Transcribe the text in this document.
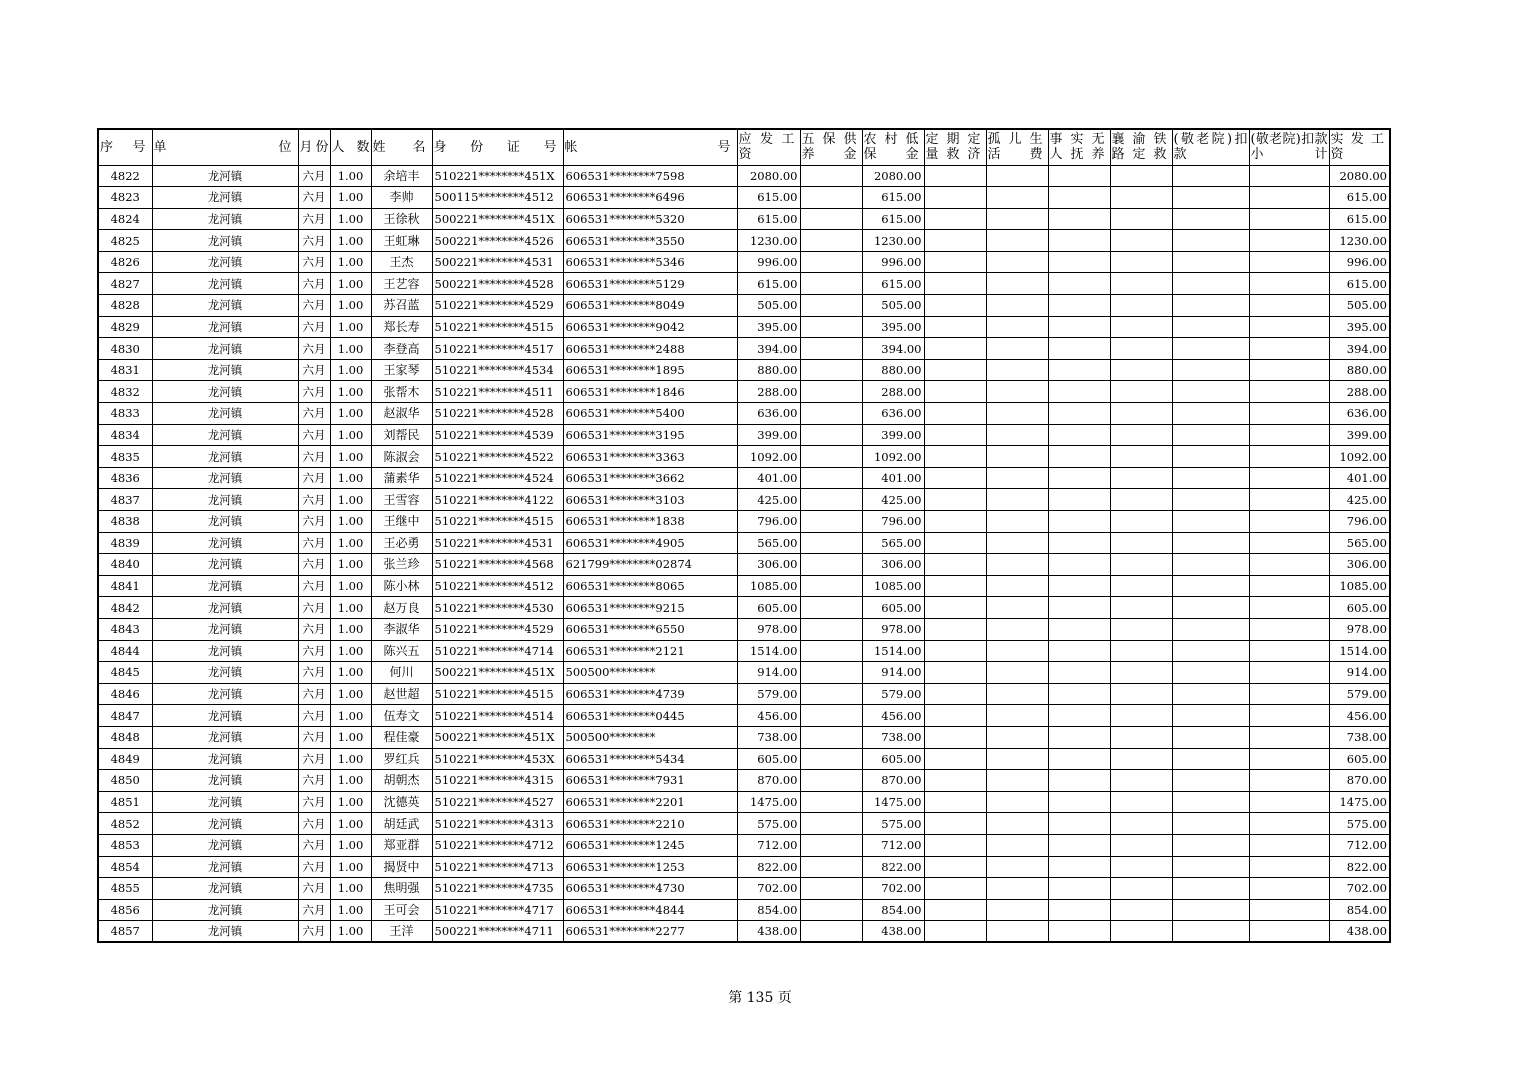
序 号	单 位	月份	人数	姓 名	身 份 证 号	帐 号	应发工资	五保供养金	农村低保金	定期定量救济	孤儿生活费	事实无人抚养	襄渝铁路定救	(敬老院)扣款	(敬老院)扣款小计	实发工资
4822	龙河镇	六月	1.00	余培丰	510221********451X	606531********7598	2080.00		2080.00							2080.00
4823	龙河镇	六月	1.00	李帅	500115********4512	606531********6496	615.00		615.00							615.00
4824	龙河镇	六月	1.00	王徐秋	500221********451X	606531********5320	615.00		615.00							615.00
4825	龙河镇	六月	1.00	王虹琳	500221********4526	606531********3550	1230.00		1230.00							1230.00
4826	龙河镇	六月	1.00	王杰	500221********4531	606531********5346	996.00		996.00							996.00
4827	龙河镇	六月	1.00	王艺容	500221********4528	606531********5129	615.00		615.00							615.00
4828	龙河镇	六月	1.00	苏召蓝	510221********4529	606531********8049	505.00		505.00							505.00
4829	龙河镇	六月	1.00	郑长寿	510221********4515	606531********9042	395.00		395.00							395.00
4830	龙河镇	六月	1.00	李登高	510221********4517	606531********2488	394.00		394.00							394.00
4831	龙河镇	六月	1.00	王家琴	510221********4534	606531********1895	880.00		880.00							880.00
4832	龙河镇	六月	1.00	张帮木	510221********4511	606531********1846	288.00		288.00							288.00
4833	龙河镇	六月	1.00	赵淑华	510221********4528	606531********5400	636.00		636.00							636.00
4834	龙河镇	六月	1.00	刘帮民	510221********4539	606531********3195	399.00		399.00							399.00
4835	龙河镇	六月	1.00	陈淑会	510221********4522	606531********3363	1092.00		1092.00							1092.00
4836	龙河镇	六月	1.00	蒲素华	510221********4524	606531********3662	401.00		401.00							401.00
4837	龙河镇	六月	1.00	王雪容	510221********4122	606531********3103	425.00		425.00							425.00
4838	龙河镇	六月	1.00	王继中	510221********4515	606531********1838	796.00		796.00							796.00
4839	龙河镇	六月	1.00	王必勇	510221********4531	606531********4905	565.00		565.00							565.00
4840	龙河镇	六月	1.00	张兰珍	510221********4568	621799********02874	306.00		306.00							306.00
4841	龙河镇	六月	1.00	陈小林	510221********4512	606531********8065	1085.00		1085.00							1085.00
4842	龙河镇	六月	1.00	赵万良	510221********4530	606531********9215	605.00		605.00							605.00
4843	龙河镇	六月	1.00	李淑华	510221********4529	606531********6550	978.00		978.00							978.00
4844	龙河镇	六月	1.00	陈兴五	510221********4714	606531********2121	1514.00		1514.00							1514.00
4845	龙河镇	六月	1.00	何川	500221********451X	500500********	914.00		914.00							914.00
4846	龙河镇	六月	1.00	赵世超	510221********4515	606531********4739	579.00		579.00							579.00
4847	龙河镇	六月	1.00	伍寿文	510221********4514	606531********0445	456.00		456.00							456.00
4848	龙河镇	六月	1.00	程佳豪	500221********451X	500500********	738.00		738.00							738.00
4849	龙河镇	六月	1.00	罗红兵	510221********453X	606531********5434	605.00		605.00							605.00
4850	龙河镇	六月	1.00	胡朝杰	510221********4315	606531********7931	870.00		870.00							870.00
4851	龙河镇	六月	1.00	沈德英	510221********4527	606531********2201	1475.00		1475.00							1475.00
4852	龙河镇	六月	1.00	胡廷武	510221********4313	606531********2210	575.00		575.00							575.00
4853	龙河镇	六月	1.00	郑亚群	510221********4712	606531********1245	712.00		712.00							712.00
4854	龙河镇	六月	1.00	揭贤中	510221********4713	606531********1253	822.00		822.00							822.00
4855	龙河镇	六月	1.00	焦明强	510221********4735	606531********4730	702.00		702.00							702.00
4856	龙河镇	六月	1.00	王可会	510221********4717	606531********4844	854.00		854.00							854.00
4857	龙河镇	六月	1.00	王洋	500221********4711	606531********2277	438.00		438.00							438.00
第 135 页
